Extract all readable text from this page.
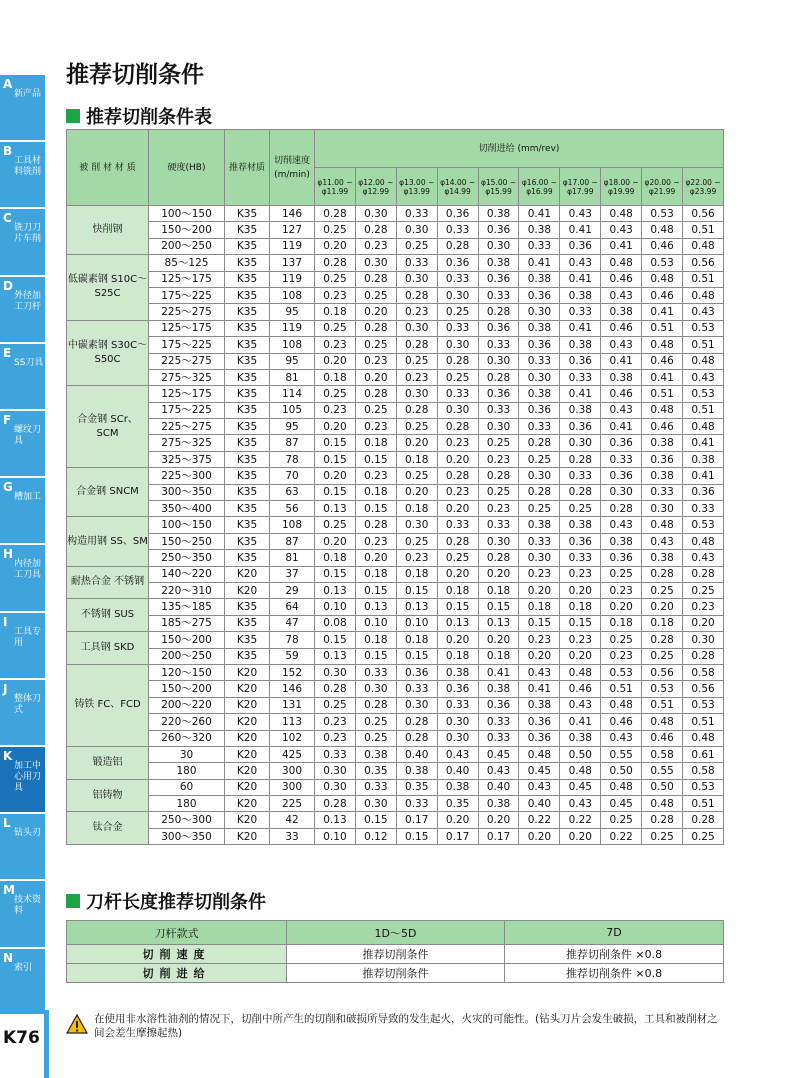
A
新产品
B
工具材料铣削
C
铣刀刀片车削
D
外径加工刀杆
E
SS刀具
F
螺纹刀具
G
槽加工
H
内径加工刀具
I
工具专用
J
整体刀式
K
加工中心用刀具
L
钻头刃
M
技术资料
N
索引
K76
推荐切削条件
推荐切削条件表
被 削 材 材 质	硬度(HB)	推荐材质	切削速度 (m/min)	切削进给 (mm/rev)									
				φ11.00 ~ φ11.99	φ12.00 ~ φ12.99	φ13.00 ~ φ13.99	φ14.00 ~ φ14.99	φ15.00 ~ φ15.99	φ16.00 ~ φ16.99	φ17.00 ~ φ17.99	φ18.00 ~ φ19.99	φ20.00 ~ φ21.99	φ22.00 ~ φ23.99
快削钢	100～150	K35	146	0.28	0.30	0.33	0.36	0.38	0.41	0.43	0.48	0.53	0.56
	150～200	K35	127	0.25	0.28	0.30	0.33	0.36	0.38	0.41	0.43	0.48	0.51
	200～250	K35	119	0.20	0.23	0.25	0.28	0.30	0.33	0.36	0.41	0.46	0.48
低碳素钢 S10C～S25C	85～125	K35	137	0.28	0.30	0.33	0.36	0.38	0.41	0.43	0.48	0.53	0.56
	125～175	K35	119	0.25	0.28	0.30	0.33	0.36	0.38	0.41	0.46	0.48	0.51
	175～225	K35	108	0.23	0.25	0.28	0.30	0.33	0.36	0.38	0.43	0.46	0.48
	225～275	K35	95	0.18	0.20	0.23	0.25	0.28	0.30	0.33	0.38	0.41	0.43
中碳素钢 S30C～S50C	125～175	K35	119	0.25	0.28	0.30	0.33	0.36	0.38	0.41	0.46	0.51	0.53
	175～225	K35	108	0.23	0.25	0.28	0.30	0.33	0.36	0.38	0.43	0.48	0.51
	225～275	K35	95	0.20	0.23	0.25	0.28	0.30	0.33	0.36	0.41	0.46	0.48
	275～325	K35	81	0.18	0.20	0.23	0.25	0.28	0.30	0.33	0.38	0.41	0.43
合金钢 SCr、SCM	125～175	K35	114	0.25	0.28	0.30	0.33	0.36	0.38	0.41	0.46	0.51	0.53
	175～225	K35	105	0.23	0.25	0.28	0.30	0.33	0.36	0.38	0.43	0.48	0.51
	225～275	K35	95	0.20	0.23	0.25	0.28	0.30	0.33	0.36	0.41	0.46	0.48
	275～325	K35	87	0.15	0.18	0.20	0.23	0.25	0.28	0.30	0.36	0.38	0.41
	325～375	K35	78	0.15	0.15	0.18	0.20	0.23	0.25	0.28	0.33	0.36	0.38
合金钢 SNCM	225～300	K35	70	0.20	0.23	0.25	0.28	0.28	0.30	0.33	0.36	0.38	0.41
	300～350	K35	63	0.15	0.18	0.20	0.23	0.25	0.28	0.28	0.30	0.33	0.36
	350～400	K35	56	0.13	0.15	0.18	0.20	0.23	0.25	0.25	0.28	0.30	0.33
构造用钢 SS、SM	100～150	K35	108	0.25	0.28	0.30	0.33	0.33	0.38	0.38	0.43	0.48	0.53
	150～250	K35	87	0.20	0.23	0.25	0.28	0.30	0.33	0.36	0.38	0.43	0.48
	250～350	K35	81	0.18	0.20	0.23	0.25	0.28	0.30	0.33	0.36	0.38	0.43
耐热合金 不锈钢	140～220	K20	37	0.15	0.18	0.18	0.20	0.20	0.23	0.23	0.25	0.28	0.28
	220～310	K20	29	0.13	0.15	0.15	0.18	0.18	0.20	0.20	0.23	0.25	0.25
不锈钢 SUS	135～185	K35	64	0.10	0.13	0.13	0.15	0.15	0.18	0.18	0.20	0.20	0.23
	185～275	K35	47	0.08	0.10	0.10	0.13	0.13	0.15	0.15	0.18	0.18	0.20
工具钢 SKD	150～200	K35	78	0.15	0.18	0.18	0.20	0.20	0.23	0.23	0.25	0.28	0.30
	200～250	K35	59	0.13	0.15	0.15	0.18	0.18	0.20	0.20	0.23	0.25	0.28
铸铁 FC、FCD	120～150	K20	152	0.30	0.33	0.36	0.38	0.41	0.43	0.48	0.53	0.56	0.58
	150～200	K20	146	0.28	0.30	0.33	0.36	0.38	0.41	0.46	0.51	0.53	0.56
	200～220	K20	131	0.25	0.28	0.30	0.33	0.36	0.38	0.43	0.48	0.51	0.53
	220～260	K20	113	0.23	0.25	0.28	0.30	0.33	0.36	0.41	0.46	0.48	0.51
	260～320	K20	102	0.23	0.25	0.28	0.30	0.33	0.36	0.38	0.43	0.46	0.48
锻造铝	30	K20	425	0.33	0.38	0.40	0.43	0.45	0.48	0.50	0.55	0.58	0.61
	180	K20	300	0.30	0.35	0.38	0.40	0.43	0.45	0.48	0.50	0.55	0.58
铝铸物	60	K20	300	0.30	0.33	0.35	0.38	0.40	0.43	0.45	0.48	0.50	0.53
	180	K20	225	0.28	0.30	0.33	0.35	0.38	0.40	0.43	0.45	0.48	0.51
钛合金	250～300	K20	42	0.13	0.15	0.17	0.20	0.20	0.22	0.22	0.25	0.28	0.28
	300～350	K20	33	0.10	0.12	0.15	0.17	0.17	0.20	0.20	0.22	0.25	0.25
刀杆长度推荐切削条件
刀杆款式	1D～5D	7D
切削速度	推荐切削条件	推荐切削条件 ×0.8
切削进给	推荐切削条件	推荐切削条件 ×0.8
在使用非水溶性油剂的情况下，切削中所产生的切削和破损所导致的发生起火，火灾的可能性。(钻头刀片会发生破损，工具和被削材之间会差生摩擦起热)
